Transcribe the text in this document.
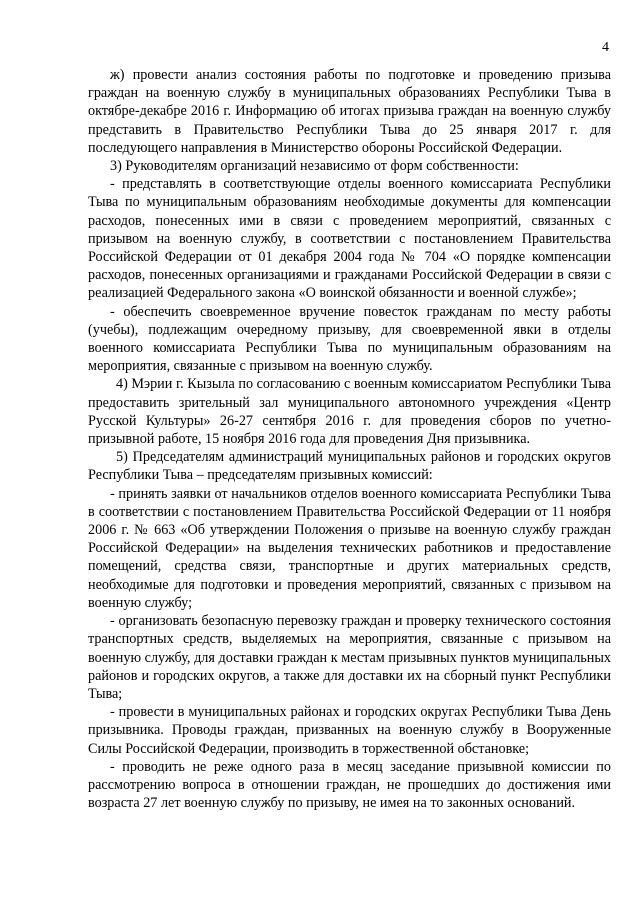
4

ж) провести анализ состояния работы по подготовке и проведению призыва граждан на военную службу в муниципальных образованиях Республики Тыва в октябре-декабре 2016 г. Информацию об итогах призыва граждан на военную службу представить в Правительство Республики Тыва до 25 января 2017 г. для последующего направления в Министерство обороны Российской Федерации.

3) Руководителям организаций независимо от форм собственности:

- представлять в соответствующие отделы военного комиссариата Республики Тыва по муниципальным образованиям необходимые документы для компенсации расходов, понесенных ими в связи с проведением мероприятий, связанных с призывом на военную службу, в соответствии с постановлением Правительства Российской Федерации от 01 декабря 2004 года № 704 «О порядке компенсации расходов, понесенных организациями и гражданами Российской Федерации в связи с реализацией Федерального закона «О воинской обязанности и военной службе»;

- обеспечить своевременное вручение повесток гражданам по месту работы (учебы), подлежащим очередному призыву, для своевременной явки в отделы военного комиссариата Республики Тыва по муниципальным образованиям на мероприятия, связанные с призывом на военную службу.

4) Мэрии г. Кызыла по согласованию с военным комиссариатом Республики Тыва предоставить зрительный зал муниципального автономного учреждения «Центр Русской Культуры» 26-27 сентября 2016 г. для проведения сборов по учетно-призывной работе, 15 ноября 2016 года для проведения Дня призывника.

5) Председателям администраций муниципальных районов и городских округов Республики Тыва – председателям призывных комиссий:

- принять заявки от начальников отделов военного комиссариата Республики Тыва в соответствии с постановлением Правительства Российской Федерации от 11 ноября 2006 г. № 663 «Об утверждении Положения о призыве на военную службу граждан Российской Федерации» на выделения технических работников и предоставление помещений, средства связи, транспортные и других материальных средств, необходимые для подготовки и проведения мероприятий, связанных с призывом на военную службу;

- организовать безопасную перевозку граждан и проверку технического состояния транспортных средств, выделяемых на мероприятия, связанные с призывом на военную службу, для доставки граждан к местам призывных пунктов муниципальных районов и городских округов, а также для доставки их на сборный пункт Республики Тыва;

- провести в муниципальных районах и городских округах Республики Тыва День призывника. Проводы граждан, призванных на военную службу в Вооруженные Силы Российской Федерации, производить в торжественной обстановке;

- проводить не реже одного раза в месяц заседание призывной комиссии по рассмотрению вопроса в отношении граждан, не прошедших до достижения ими возраста 27 лет военную службу по призыву, не имея на то законных оснований.
